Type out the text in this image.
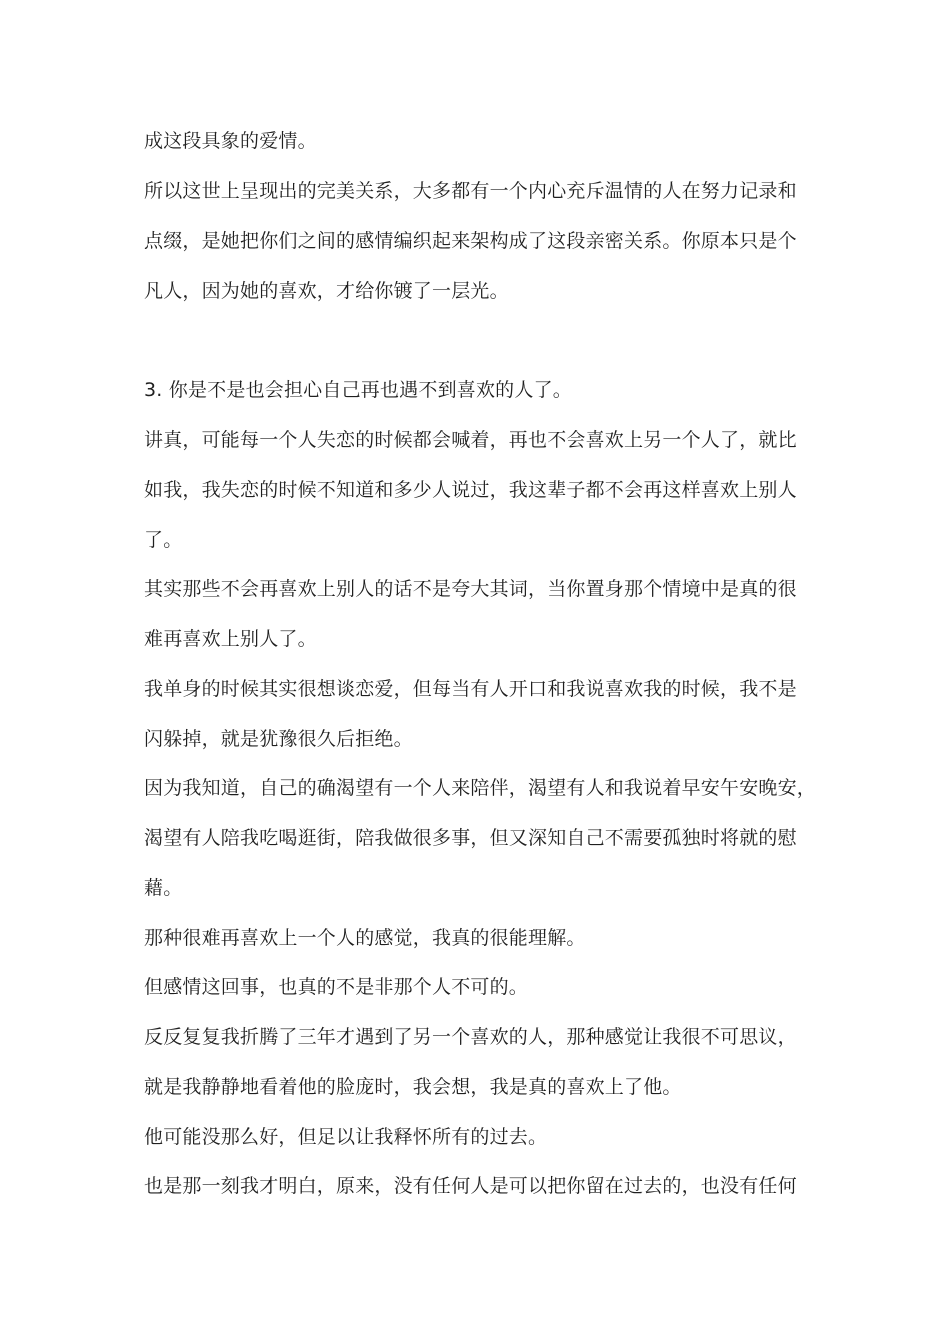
成这段具象的爱情。
所以这世上呈现出的完美关系，大多都有一个内心充斥温情的人在努力记录和
点缀，是她把你们之间的感情编织起来架构成了这段亲密关系。你原本只是个
凡人，因为她的喜欢，才给你镀了一层光。
3. 你是不是也会担心自己再也遇不到喜欢的人了。
讲真，可能每一个人失恋的时候都会喊着，再也不会喜欢上另一个人了，就比
如我，我失恋的时候不知道和多少人说过，我这辈子都不会再这样喜欢上别人
了。
其实那些不会再喜欢上别人的话不是夸大其词，当你置身那个情境中是真的很
难再喜欢上别人了。
我单身的时候其实很想谈恋爱，但每当有人开口和我说喜欢我的时候，我不是
闪躲掉，就是犹豫很久后拒绝。
因为我知道，自己的确渴望有一个人来陪伴，渴望有人和我说着早安午安晚安，
渴望有人陪我吃喝逛街，陪我做很多事，但又深知自己不需要孤独时将就的慰
藉。
那种很难再喜欢上一个人的感觉，我真的很能理解。
但感情这回事，也真的不是非那个人不可的。
反反复复我折腾了三年才遇到了另一个喜欢的人，那种感觉让我很不可思议，
就是我静静地看着他的脸庞时，我会想，我是真的喜欢上了他。
他可能没那么好，但足以让我释怀所有的过去。
也是那一刻我才明白，原来，没有任何人是可以把你留在过去的，也没有任何
